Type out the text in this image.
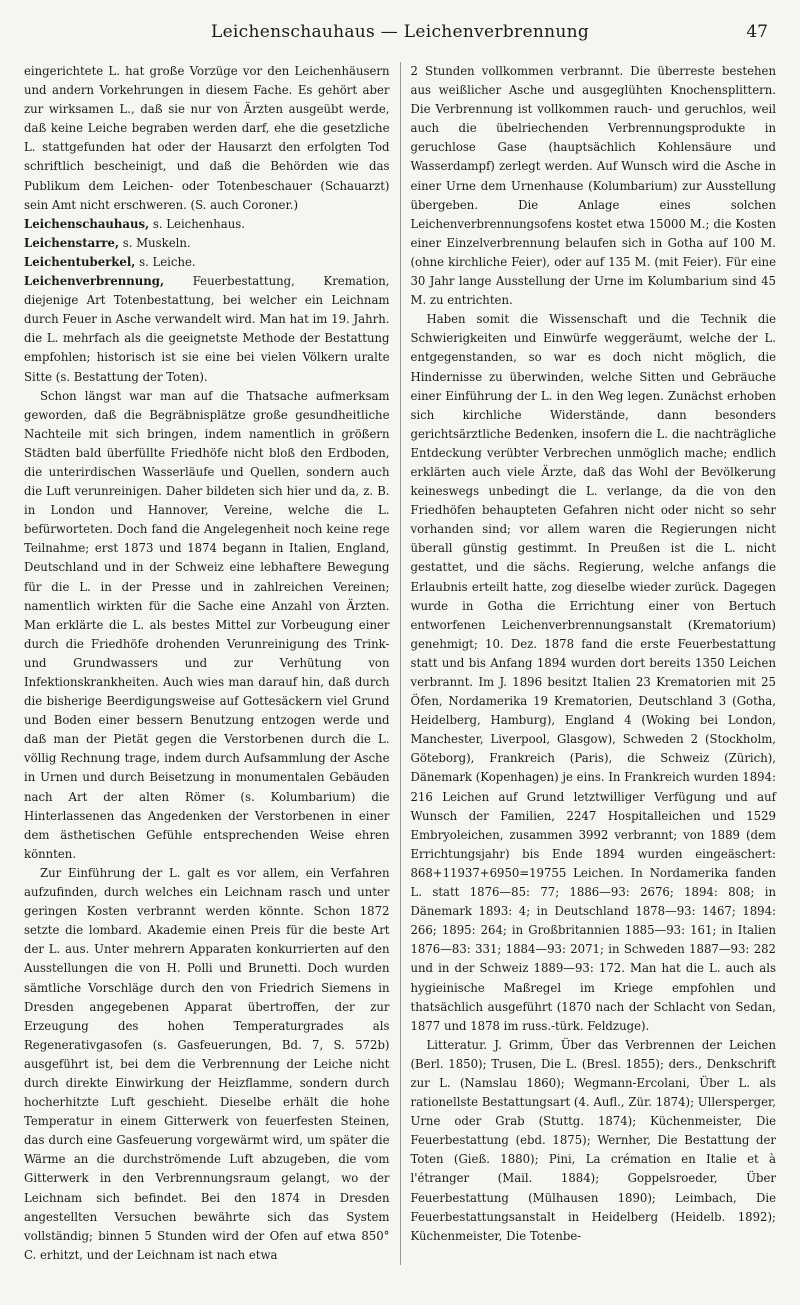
Leichenschauhaus — Leichenverbrennung	47

eingerichtete L. hat große Vorzüge vor den Leichenhäusern und andern Vorkehrungen in diesem Fache. Es gehört aber zur wirksamen L., daß sie nur von Ärzten ausgeübt werde, daß keine Leiche begraben werden darf, ehe die gesetzliche L. stattgefunden hat oder der Hausarzt den erfolgten Tod schriftlich bescheinigt, und daß die Behörden wie das Publikum dem Leichen- oder Totenbeschauer (Schauarzt) sein Amt nicht erschweren. (S. auch Coroner.)

Leichenschauhaus, s. Leichenhaus.

Leichenstarre, s. Muskeln.

Leichentuberkel, s. Leiche.

Leichenverbrennung, Feuerbestattung, Kremation, diejenige Art Totenbestattung, bei welcher ein Leichnam durch Feuer in Asche verwandelt wird. Man hat im 19. Jahrh. die L. mehrfach als die geeignetste Methode der Bestattung empfohlen; historisch ist sie eine bei vielen Völkern uralte Sitte (s. Bestattung der Toten).

Schon längst war man auf die Thatsache aufmerksam geworden, daß die Begräbnisplätze große gesundheitliche Nachteile mit sich bringen, indem namentlich in größern Städten bald überfüllte Friedhöfe nicht bloß den Erdboden, die unterirdischen Wasserläufe und Quellen, sondern auch die Luft verunreinigen. Daher bildeten sich hier und da, z. B. in London und Hannover, Vereine, welche die L. befürworteten. Doch fand die Angelegenheit noch keine rege Teilnahme; erst 1873 und 1874 begann in Italien, England, Deutschland und in der Schweiz eine lebhaftere Bewegung für die L. in der Presse und in zahlreichen Vereinen; namentlich wirkten für die Sache eine Anzahl von Ärzten. Man erklärte die L. als bestes Mittel zur Vorbeugung einer durch die Friedhöfe drohenden Verunreinigung des Trink- und Grundwassers und zur Verhütung von Infektionskrankheiten. Auch wies man darauf hin, daß durch die bisherige Beerdigungsweise auf Gottesäckern viel Grund und Boden einer bessern Benutzung entzogen werde und daß man der Pietät gegen die Verstorbenen durch die L. völlig Rechnung trage, indem durch Aufsammlung der Asche in Urnen und durch Beisetzung in monumentalen Gebäuden nach Art der alten Römer (s. Kolumbarium) die Hinterlassenen das Angedenken der Verstorbenen in einer dem ästhetischen Gefühle entsprechenden Weise ehren könnten.

Zur Einführung der L. galt es vor allem, ein Verfahren aufzufinden, durch welches ein Leichnam rasch und unter geringen Kosten verbrannt werden könnte. Schon 1872 setzte die lombard. Akademie einen Preis für die beste Art der L. aus. Unter mehrern Apparaten konkurrierten auf den Ausstellungen die von H. Polli und Brunetti. Doch wurden sämtliche Vorschläge durch den von Friedrich Siemens in Dresden angegebenen Apparat übertroffen, der zur Erzeugung des hohen Temperaturgrades als Regenerativgasofen (s. Gasfeuerungen, Bd. 7, S. 572b) ausgeführt ist, bei dem die Verbrennung der Leiche nicht durch direkte Einwirkung der Heizflamme, sondern durch hocherhitzte Luft geschieht. Dieselbe erhält die hohe Temperatur in einem Gitterwerk von feuerfesten Steinen, das durch eine Gasfeuerung vorgewärmt wird, um später die Wärme an die durchströmende Luft abzugeben, die vom Gitterwerk in den Verbrennungsraum gelangt, wo der Leichnam sich befindet. Bei den 1874 in Dresden angestellten Versuchen bewährte sich das System vollständig; binnen 5 Stunden wird der Ofen auf etwa 850° C. erhitzt, und der Leichnam ist nach etwa

2 Stunden vollkommen verbrannt. Die überreste bestehen aus weißlicher Asche und ausgeglühten Knochensplittern. Die Verbrennung ist vollkommen rauch- und geruchlos, weil auch die übelriechenden Verbrennungsprodukte in geruchlose Gase (hauptsächlich Kohlensäure und Wasserdampf) zerlegt werden. Auf Wunsch wird die Asche in einer Urne dem Urnenhause (Kolumbarium) zur Ausstellung übergeben. Die Anlage eines solchen Leichenverbrennungsofens kostet etwa 15000 M.; die Kosten einer Einzelverbrennung belaufen sich in Gotha auf 100 M. (ohne kirchliche Feier), oder auf 135 M. (mit Feier). Für eine 30 Jahr lange Ausstellung der Urne im Kolumbarium sind 45 M. zu entrichten.

Haben somit die Wissenschaft und die Technik die Schwierigkeiten und Einwürfe weggeräumt, welche der L. entgegenstanden, so war es doch nicht möglich, die Hindernisse zu überwinden, welche Sitten und Gebräuche einer Einführung der L. in den Weg legen. Zunächst erhoben sich kirchliche Widerstände, dann besonders gerichtsärztliche Bedenken, insofern die L. die nachträgliche Entdeckung verübter Verbrechen unmöglich mache; endlich erklärten auch viele Ärzte, daß das Wohl der Bevölkerung keineswegs unbedingt die L. verlange, da die von den Friedhöfen behaupteten Gefahren nicht oder nicht so sehr vorhanden sind; vor allem waren die Regierungen nicht überall günstig gestimmt. In Preußen ist die L. nicht gestattet, und die sächs. Regierung, welche anfangs die Erlaubnis erteilt hatte, zog dieselbe wieder zurück. Dagegen wurde in Gotha die Errichtung einer von Bertuch entworfenen Leichenverbrennungsanstalt (Krematorium) genehmigt; 10. Dez. 1878 fand die erste Feuerbestattung statt und bis Anfang 1894 wurden dort bereits 1350 Leichen verbrannt. Im J. 1896 besitzt Italien 23 Krematorien mit 25 Öfen, Nordamerika 19 Krematorien, Deutschland 3 (Gotha, Heidelberg, Hamburg), England 4 (Woking bei London, Manchester, Liverpool, Glasgow), Schweden 2 (Stockholm, Göteborg), Frankreich (Paris), die Schweiz (Zürich), Dänemark (Kopenhagen) je eins. In Frankreich wurden 1894: 216 Leichen auf Grund letztwilliger Verfügung und auf Wunsch der Familien, 2247 Hospitalleichen und 1529 Embryoleichen, zusammen 3992 verbrannt; von 1889 (dem Errichtungsjahr) bis Ende 1894 wurden eingeäschert: 868+11937+6950=19755 Leichen. In Nordamerika fanden L. statt 1876—85: 77; 1886—93: 2676; 1894: 808; in Dänemark 1893: 4; in Deutschland 1878—93: 1467; 1894: 266; 1895: 264; in Großbritannien 1885—93: 161; in Italien 1876—83: 331; 1884—93: 2071; in Schweden 1887—93: 282 und in der Schweiz 1889—93: 172. Man hat die L. auch als hygieinische Maßregel im Kriege empfohlen und thatsächlich ausgeführt (1870 nach der Schlacht von Sedan, 1877 und 1878 im russ.-türk. Feldzuge).

Litteratur. J. Grimm, Über das Verbrennen der Leichen (Berl. 1850); Trusen, Die L. (Bresl. 1855); ders., Denkschrift zur L. (Namslau 1860); Wegmann-Ercolani, Über L. als rationellste Bestattungsart (4. Aufl., Zür. 1874); Ullersperger, Urne oder Grab (Stuttg. 1874); Küchenmeister, Die Feuerbestattung (ebd. 1875); Wernher, Die Bestattung der Toten (Gieß. 1880); Pini, La crémation en Italie et à l'étranger (Mail. 1884); Goppelsroeder, Über Feuerbestattung (Mülhausen 1890); Leimbach, Die Feuerbestattungsanstalt in Heidelberg (Heidelb. 1892); Küchenmeister, Die Totenbe-
